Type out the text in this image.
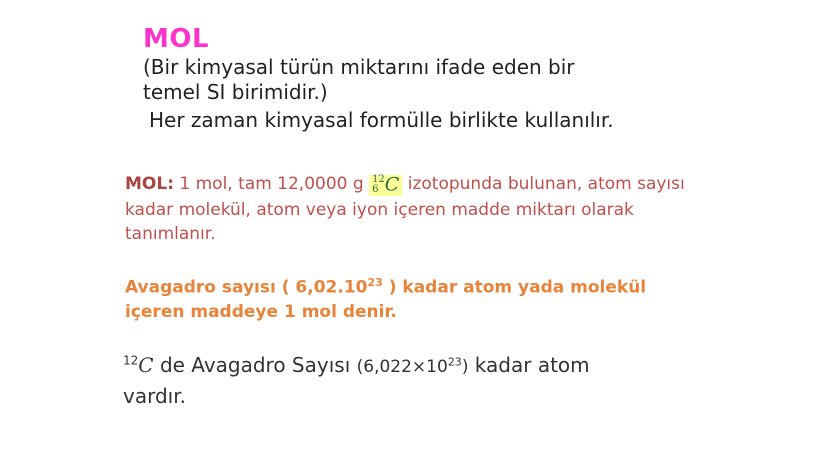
MOL
(Bir kimyasal türün miktarını ifade eden bir
temel SI birimidir.)
Her zaman kimyasal formülle birlikte kullanılır.
MOL: 1 mol, tam 12,0000 g 12
6 C izotopunda bulunan, atom sayısı kadar molekül, atom veya iyon içeren madde miktarı olarak tanımlanır.
Avagadro sayısı ( 6,02.10$^{23}$ ) kadar atom yada molekül içeren maddeye 1 mol denir.
$^{12}$C de Avagadro Sayısı $(6,022\times 10^{23})$ kadar atom
vardır.
